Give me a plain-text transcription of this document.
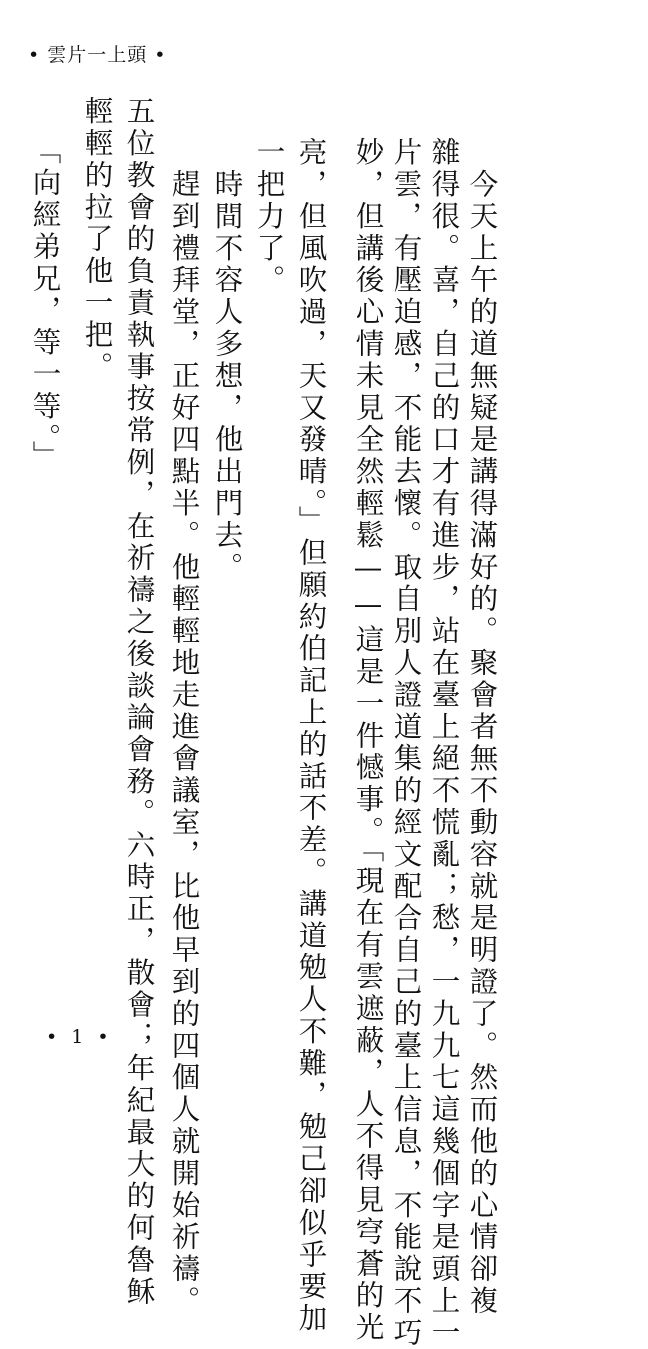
• 雲片一上頭 •
　今天上午的道無疑是講得滿好的。聚會者無不動容就是明證了。然而他的心情卻複
雜得很。喜，自己的口才有進步，站在臺上絕不慌亂；愁，一九九七這幾個字是頭上一
片雲，有壓迫感，不能去懷。取自別人證道集的經文配合自己的臺上信息，不能說不巧
妙，但講後心情未見全然輕鬆——這是一件憾事。「現在有雲遮蔽，人不得見穹蒼的光
亮，但風吹過，天又發晴。」但願約伯記上的話不差。講道勉人不難，勉己卻似乎要加
一把力了。
　時間不容人多想，他出門去。
　趕到禮拜堂，正好四點半。他輕輕地走進會議室，比他早到的四個人就開始祈禱。
五位教會的負責執事按常例，在祈禱之後談論會務。六時正，散會；年紀最大的何魯稣
輕輕的拉了他一把。
　「向經弟兄，等一等。」
• 1 •
